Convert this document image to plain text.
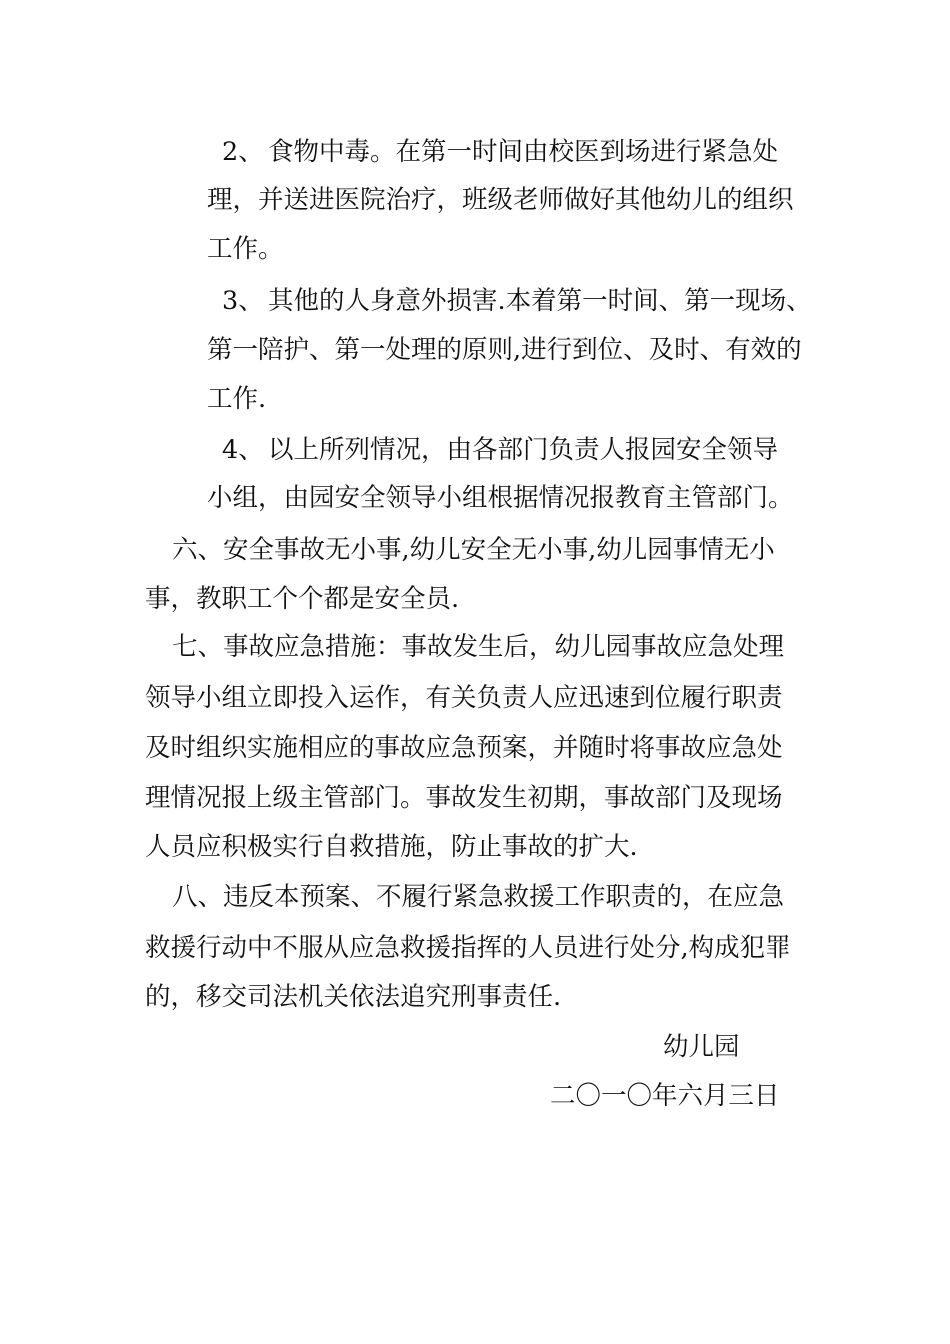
2、 食物中毒。在第一时间由校医到场进行紧急处
理，并送进医院治疗，班级老师做好其他幼儿的组织
工作。
3、 其他的人身意外损害.本着第一时间、第一现场、
第一陪护、第一处理的原则,进行到位、及时、有效的
工作.
4、 以上所列情况，由各部门负责人报园安全领导
小组，由园安全领导小组根据情况报教育主管部门。
六、安全事故无小事,幼儿安全无小事,幼儿园事情无小
事，教职工个个都是安全员.
七、事故应急措施：事故发生后，幼儿园事故应急处理
领导小组立即投入运作，有关负责人应迅速到位履行职责
及时组织实施相应的事故应急预案，并随时将事故应急处
理情况报上级主管部门。事故发生初期，事故部门及现场
人员应积极实行自救措施，防止事故的扩大.
八、违反本预案、不履行紧急救援工作职责的，在应急
救援行动中不服从应急救援指挥的人员进行处分,构成犯罪
的，移交司法机关依法追究刑事责任.
幼儿园
二〇一〇年六月三日
